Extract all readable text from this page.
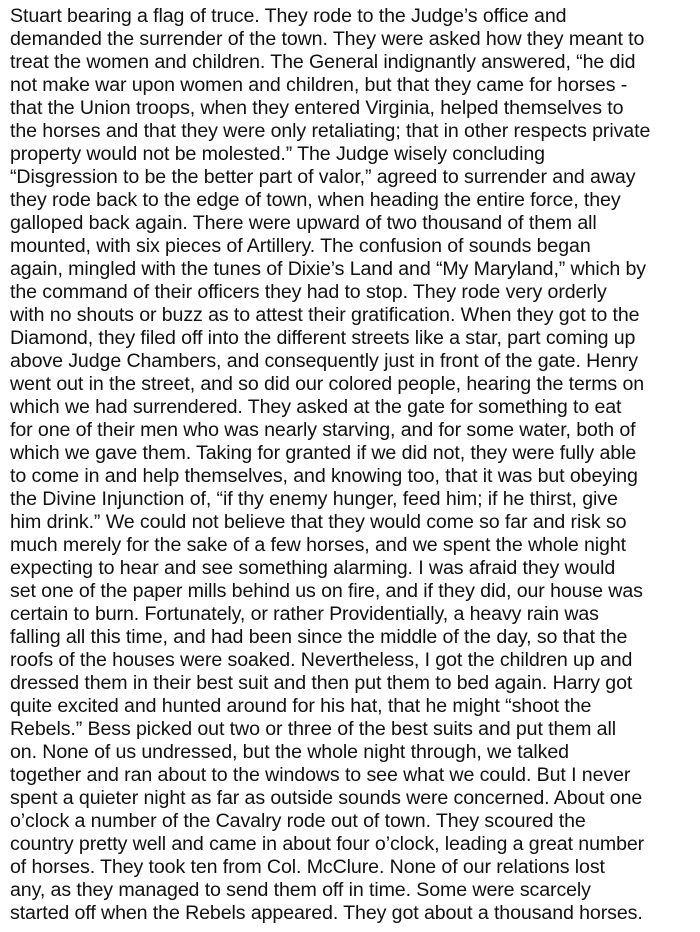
Stuart bearing a flag of truce. They rode to the Judge’s office and
demanded the surrender of the town. They were asked how they meant to
treat the women and children. The General indignantly answered, “he did
not make war upon women and children, but that they came for horses -
that the Union troops, when they entered Virginia, helped themselves to
the horses and that they were only retaliating; that in other respects private
property would not be molested.” The Judge wisely concluding
“Disgression to be the better part of valor,” agreed to surrender and away
they rode back to the edge of town, when heading the entire force, they
galloped back again. There were upward of two thousand of them all
mounted, with six pieces of Artillery. The confusion of sounds began
again, mingled with the tunes of Dixie’s Land and “My Maryland,” which by
the command of their officers they had to stop. They rode very orderly
with no shouts or buzz as to attest their gratification. When they got to the
Diamond, they filed off into the different streets like a star, part coming up
above Judge Chambers, and consequently just in front of the gate. Henry
went out in the street, and so did our colored people, hearing the terms on
which we had surrendered. They asked at the gate for something to eat
for one of their men who was nearly starving, and for some water, both of
which we gave them. Taking for granted if we did not, they were fully able
to come in and help themselves, and knowing too, that it was but obeying
the Divine Injunction of, “if thy enemy hunger, feed him; if he thirst, give
him drink.” We could not believe that they would come so far and risk so
much merely for the sake of a few horses, and we spent the whole night
expecting to hear and see something alarming. I was afraid they would
set one of the paper mills behind us on fire, and if they did, our house was
certain to burn. Fortunately, or rather Providentially, a heavy rain was
falling all this time, and had been since the middle of the day, so that the
roofs of the houses were soaked. Nevertheless, I got the children up and
dressed them in their best suit and then put them to bed again. Harry got
quite excited and hunted around for his hat, that he might “shoot the
Rebels.” Bess picked out two or three of the best suits and put them all
on. None of us undressed, but the whole night through, we talked
together and ran about to the windows to see what we could. But I never
spent a quieter night as far as outside sounds were concerned. About one
o’clock a number of the Cavalry rode out of town. They scoured the
country pretty well and came in about four o’clock, leading a great number
of horses. They took ten from Col. McClure. None of our relations lost
any, as they managed to send them off in time. Some were scarcely
started off when the Rebels appeared. They got about a thousand horses.
